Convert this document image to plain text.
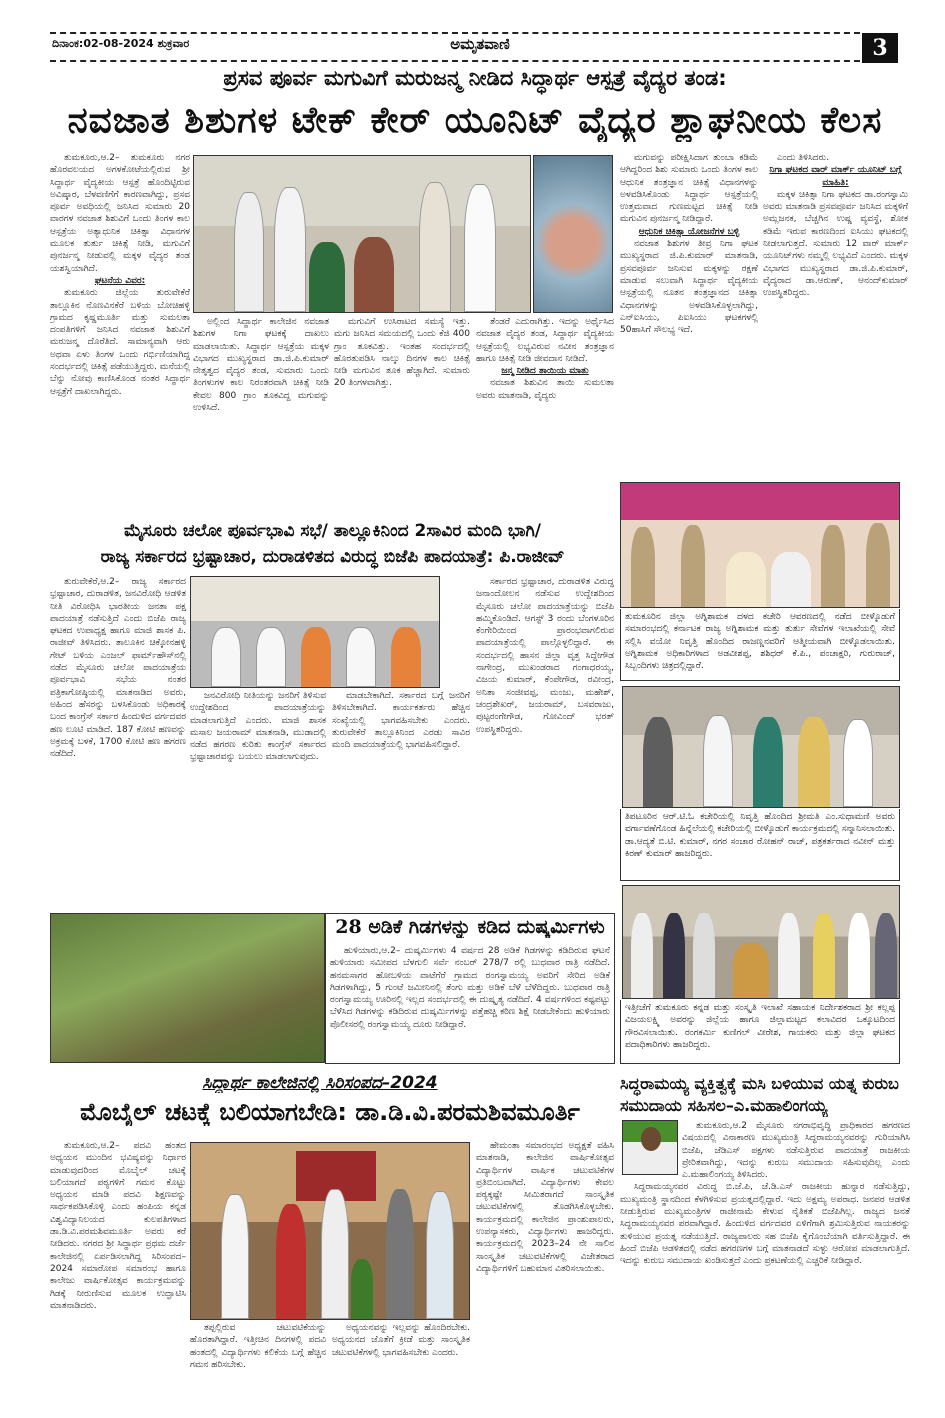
ದಿನಾಂಕ:02-08-2024 ಶುಕ್ರವಾರ	ಅಮೃತವಾಣಿ	3
ಪ್ರಸವ ಪೂರ್ವ ಮಗುವಿಗೆ ಮರುಜನ್ಮ ನೀಡಿದ ಸಿದ್ಧಾರ್ಥ ಆಸ್ಪತ್ರೆ ವೈದ್ಯರ ತಂಡ:
ನವಜಾತ ಶಿಶುಗಳ ಟೇಕ್ ಕೇರ್ ಯೂನಿಟ್ ವೈದ್ಯರ ಶ್ಲಾಘನೀಯ ಕೆಲಸ

ತುಮಕೂರು,ಆ.2– ತುಮಕೂರು ನಗರ ಹೊರವಲಯದ ಅಗಳಕೋಟೆಯಲ್ಲಿರುವ ಶ್ರೀ ಸಿದ್ಧಾರ್ಥ ವೈದ್ಯಕೀಯ ಆಸ್ಪತ್ರೆ ಹೊಂದಿಟ್ಟಿರುವ ಅವಿಷ್ಕಾರ, ಬೆಳವಣಿಗೆಗೆ ಕಾರಣವಾಗಿದ್ದು, ಪ್ರಸವ ಪೂರ್ವ ಅವಧಿಯಲ್ಲಿ ಜನಿಸಿದ ಸುಮಾರು 20 ವಾರಗಳ ನವಜಾತ ಶಿಶುವಿಗೆ ಒಂದು ತಿಂಗಳ ಕಾಲ ಆಸ್ಪತ್ರೆಯ ಅತ್ಯಾಧುನಿಕ ಚಿಕಿತ್ಸಾ ವಿಧಾನಗಳ ಮೂಲಕ ತುರ್ತು ಚಿಕಿತ್ಸೆ ನೀಡಿ, ಮಗುವಿಗೆ ಪುನರ್ಜನ್ಮ ನೀಡುವಲ್ಲಿ ಮಕ್ಕಳ ವೈದ್ಯರ ತಂಡ ಯಶಸ್ವಿಯಾಗಿದೆ.

ಘಟನೆಯ ವಿವರ:

ತುಮಕೂರು ಜಿಲ್ಲೆಯ ತುರುವೇಕೆರೆ ತಾಲ್ಲೂಕಿನ ನೊಣವಿನಕೆರೆ ಬಳಿಯ ಬೋಚಿಹಳ್ಳಿ ಗ್ರಾಮದ ಕೃಷ್ಣಮೂರ್ತಿ ಮತ್ತು ಸುಮಲತಾ ದಂಪತಿಗಳಿಗೆ ಜನಿಸಿದ ನವಜಾತ ಶಿಶುವಿಗೆ ಮರುಜನ್ಮ ದೊರೆತಿದೆ. ಸಾಮಾನ್ಯವಾಗಿ ಆರು ಅಥವಾ ಏಳು ತಿಂಗಳ ಒಂದು ಗರ್ಭಿಣಿಯಾಗಿದ್ದ ಸಂದರ್ಭದಲ್ಲಿ ಚಿಕಿತ್ಸೆ ಪಡೆಯುತ್ತಿದ್ದರು. ಮನೆಯಲ್ಲಿ ಬೆನ್ನು ನೋವು ಕಾಣಿಸಿಕೊಂಡ ನಂತರ ಸಿದ್ಧಾರ್ಥ ಆಸ್ಪತ್ರೆಗೆ ದಾಖಲಾಗಿದ್ದರು.

ಅಲ್ಲಿಂದ ಸಿದ್ಧಾರ್ಥ ಕಾಲೇಜಿನ ನವಜಾತ ಶಿಶುಗಳ ನಿಗಾ ಘಟಕಕ್ಕೆ ದಾಖಲು ಮಾಡಲಾಯಿತು. ಸಿದ್ಧಾರ್ಥ ಆಸ್ಪತ್ರೆಯ ಮಕ್ಕಳ ವಿಭಾಗದ ಮುಖ್ಯಸ್ಥರಾದ ಡಾ.ಜಿ.ಪಿ.ಕುಮಾರ್ ನೇತೃತ್ವದ ವೈದ್ಯರ ತಂಡ, ಸುಮಾರು ಒಂದು ತಿಂಗಳುಗಳ ಕಾಲ ನಿರಂತರವಾಗಿ ಚಿಕಿತ್ಸೆ ನೀಡಿ ಕೇವಲ 800 ಗ್ರಾಂ ತೂಕವಿದ್ದ ಮಗುವನ್ನು ಉಳಿಸಿದೆ.

ಮಗುವಿಗೆ ಉಸಿರಾಟದ ಸಮಸ್ಯೆ ಇತ್ತು. ಮಗು ಜನಿಸಿದ ಸಮಯದಲ್ಲಿ ಒಂದು ಕೆಜಿ 400 ಗ್ರಾಂ ತೂಕವಿತ್ತು. ಇಂತಹ ಸಂದರ್ಭದಲ್ಲಿ ಹೊರತುಪಡಿಸಿ ನಾಲ್ಕು ದಿನಗಳ ಕಾಲ ಚಿಕಿತ್ಸೆ ನೀಡಿ ಮಗುವಿನ ತೂಕ ಹೆಚ್ಚಾಗಿದೆ. ಸುಮಾರು 20 ತಿಂಗಳವಾಗಿತ್ತು.

ತೆಂಡರೆ ಎದುರಾಗಿತ್ತು. ಇದನ್ನು ಅರ್ಥೈಸಿದ ನವಜಾತ ವೈದ್ಯರ ತಂಡ, ಸಿದ್ಧಾರ್ಥ ವೈದ್ಯಕೀಯ ಆಸ್ಪತ್ರೆಯಲ್ಲಿ ಲಭ್ಯವಿರುವ ನವೀನ ತಂತ್ರಜ್ಞಾನ ಹಾಗೂ ಚಿಕಿತ್ಸೆ ನೀಡಿ ಜೀವದಾನ ನೀಡಿದೆ.

ಜನ್ಮ ನೀಡಿದ ತಾಯಿಯ ಮಾತು

ನವಜಾತ ಶಿಶುವಿನ ತಾಯಿ ಸುಮಲತಾ ಅವರು ಮಾತನಾಡಿ, ವೈದ್ಯರು

ಮಗುವನ್ನು ಪರೀಕ್ಷಿಸಿದಾಗ ತುಂಬಾ ಕಡಿಮೆ ಆಗಿದ್ದರಿಂದ ಶಿಶು ಸುಮಾರು ಒಂದು ತಿಂಗಳ ಕಾಲ ಆಧುನಿಕ ತಂತ್ರಜ್ಞಾನ ಚಿಕಿತ್ಸೆ ವಿಧಾನಗಳನ್ನು ಅಳವಡಿಸಿಕೊಂಡು ಸಿದ್ಧಾರ್ಥ ಆಸ್ಪತ್ರೆಯಲ್ಲಿ ಉತ್ತಮವಾದ ಗುಣಮಟ್ಟದ ಚಿಕಿತ್ಸೆ ನೀಡಿ ಮಗುವಿನ ಪುನರ್ಜನ್ಮ ನೀಡಿದ್ದಾರೆ.

ಆಧುನಿಕ ಚಿಕಿತ್ಸಾ ಯೋಜನೆಗಳ ಬಳ್ಳಿ

ನವಜಾತ ಶಿಶುಗಳ ತೀವ್ರ ನಿಗಾ ಘಟಕ ಮುಖ್ಯಸ್ಥರಾದ ಜಿ.ಪಿ.ಕುಮಾರ್ ಮಾತನಾಡಿ, ಪ್ರಸವಪೂರ್ವ ಜನಿಸುವ ಮಕ್ಕಳನ್ನು ರಕ್ಷಣೆ ಮಾಡುವ ಸಲುವಾಗಿ ಸಿದ್ಧಾರ್ಥ ವೈದ್ಯಕೀಯ ಆಸ್ಪತ್ರೆಯಲ್ಲಿ ನೂತನ ತಂತ್ರಜ್ಞಾನದ ಚಿಕಿತ್ಸಾ ವಿಧಾನಗಳನ್ನು ಅಳವಡಿಸಿಕೊಳ್ಳಲಾಗಿದ್ದು, ಎನ್‌ಐಸಿಯು, ಪಿಐಸಿಯು ಘಟಕಗಳಲ್ಲಿ 50ಹಾಸಿಗೆ ಸೌಲಭ್ಯ ಇದೆ.

ಎಂದು ತಿಳಿಸಿದರು.

ನಿಗಾ ಘಟಕದ ವಾರ್ ಮಾರ್ಕ್ ಯೂನಿಟ್ ಬಗ್ಗೆ ಮಾಹಿತಿ:

ಮಕ್ಕಳ ಚಿಕಿತ್ಸಾ ನಿಗಾ ಘಟಕದ ಡಾ.ರಂಗಸ್ವಾಮಿ ಅವರು ಮಾತನಾಡಿ ಪ್ರಸವಪೂರ್ವ ಜನಿಸಿದ ಮಕ್ಕಳಿಗೆ ಅಮ್ಲಜನಕ, ಬೆಚ್ಚಗಿನ ಉಷ್ಣ ವ್ಯವಸ್ಥೆ, ಶೋಕ ಕಡಿಮೆ ಇರುವ ಕಾರಣದಿಂದ ಐಸಿಯು ಘಟಕದಲ್ಲಿ ನೀಡಲಾಗುತ್ತದೆ. ಸುಮಾರು 12 ವಾರ್ ಮಾರ್ಕ್ ಯೂನಿಟ್‌ಗಳು ನಮ್ಮಲ್ಲಿ ಲಭ್ಯವಿದೆ ಎಂದರು. ಮಕ್ಕಳ ವಿಭಾಗದ ಮುಖ್ಯಸ್ಥರಾದ ಡಾ.ಜಿ.ಪಿ.ಕುಮಾರ್, ವೈದ್ಯರಾದ ಡಾ.ಆರುಣ್, ಆನಂದ್‌ಕುಮಾರ್ ಉಪಸ್ಥಿತರಿದ್ದರು.

ತುಮಕೂರಿನ ಜಿಲ್ಲಾ ಅಗ್ನಿಶಾಮಕ ದಳದ ಕಚೇರಿ ಆವರಣದಲ್ಲಿ ನಡೆದ ಬೀಳ್ಕೊಡುಗೆ ಸಮಾರಂಭದಲ್ಲಿ ಕರ್ನಾಟಕ ರಾಜ್ಯ ಅಗ್ನಿಶಾಮಕ ಮತ್ತು ತುರ್ತು ಸೇವೆಗಳ ಇಲಾಖೆಯಲ್ಲಿ ಸೇವೆ ಸಲ್ಲಿಸಿ ವಯೋ ನಿವೃತ್ತಿ ಹೊಂದಿದ ರಾಜಣ್ಣನವರಿಗೆ ಆತ್ಮೀಯವಾಗಿ ಬೀಳ್ಕೊಡಲಾಯಿತು. ಅಗ್ನಿಶಾಮಕ ಅಧಿಕಾರಿಗಳಾದ ಅಡವೀಶಪ್ಪ, ಶಶಿಧರ್ ಕೆ.ಪಿ., ಪಂಚಾಕ್ಷರಿ, ಗುರುರಾಜ್, ಸಿಬ್ಬಂದಿಗಳು ಚಿತ್ರದಲ್ಲಿದ್ದಾರೆ.
ತಿಪಟೂರಿನ ಆರ್.ಟಿ.ಓ ಕಚೇರಿಯಲ್ಲಿ ನಿವೃತ್ತಿ ಹೊಂದಿದ ಶ್ರೀಮತಿ ಎಂ.ಸುಧಾಮಣಿ ಅವರು ವರ್ಗಾವಣೆಗೊಂಡ ಹಿನ್ನೆಲೆಯಲ್ಲಿ ಕಚೇರಿಯಲ್ಲಿ ಬೀಳ್ಕೊಡುಗೆ ಕಾರ್ಯಕ್ರಮದಲ್ಲಿ ಸನ್ಮಾನಿಸಲಾಯಿತು. ಡಾ.ಆದ್ಯತೆ ಬಿ.ಟಿ. ಕುಮಾರ್, ನಗರ ಸಂಚಾರ ರೋಹನ್ ರಾಜ್, ಪತ್ರಕರ್ತರಾದ ನವೀನ್ ಮತ್ತು ಕಿರಣ್ ಕುಮಾರ್ ಹಾಜರಿದ್ದರು.
ಇತ್ತೀಚೆಗೆ ತುಮಕೂರು ಕನ್ನಡ ಮತ್ತು ಸಂಸ್ಕೃತಿ ಇಲಾಖೆ ಸಹಾಯಕ ನಿರ್ದೇಶಕರಾದ ಶ್ರೀ ಕಲ್ಲಪ್ಪ ವಿಜಯಲಕ್ಷ್ಮಿ ಅವರನ್ನು ಜಿಲ್ಲೆಯ ಹಾಗೂ ಜಿಲ್ಲಾಮಟ್ಟದ ಕಲಾವಿದರ ಒಕ್ಕೂಟದಿಂದ ಗೌರವಿಸಲಾಯಿತು. ರಂಗಕರ್ಮಿ ಕುಣಿಗಲ್ ವೀರೇಶ, ಗಾಯಕರು ಮತ್ತು ಜಿಲ್ಲಾ ಘಟಕದ ಪದಾಧಿಕಾರಿಗಳು ಹಾಜರಿದ್ದರು.
ಮೈಸೂರು ಚಲೋ ಪೂರ್ವಭಾವಿ ಸಭೆ/ ತಾಲ್ಲೂಕಿನಿಂದ 2ಸಾವಿರ ಮಂದಿ ಭಾಗಿ/
ರಾಜ್ಯ ಸರ್ಕಾರದ ಭ್ರಷ್ಟಾಚಾರ, ದುರಾಡಳಿತದ ವಿರುದ್ಧ ಬಿಜೆಪಿ ಪಾದಯಾತ್ರೆ: ಪಿ.ರಾಜೀವ್

ತುರುವೇಕೆರೆ,ಆ.2– ರಾಜ್ಯ ಸರ್ಕಾರದ ಭ್ರಷ್ಟಾಚಾರ, ದುರಾಡಳಿತ, ಜನವಿರೋಧಿ ಆಡಳಿತ ನೀತಿ ವಿರೋಧಿಸಿ ಭಾರತೀಯ ಜನತಾ ಪಕ್ಷ ಪಾದಯಾತ್ರೆ ನಡೆಸುತ್ತಿದೆ ಎಂದು ಬಿಜೆಪಿ ರಾಜ್ಯ ಘಟಕದ ಉಪಾಧ್ಯಕ್ಷ ಹಾಗೂ ಮಾಜಿ ಶಾಸಕ ಪಿ. ರಾಜೀವ್ ತಿಳಿಸಿದರು. ತಾಲೂಕಿನ ಚಿಕ್ಕೋನಹಳ್ಳಿ ಗೇಟ್ ಬಳಿಯ ಎಂಜಲ್ ಫಾರ್ಮ್‌ಹೌಸ್‌ನಲ್ಲಿ ನಡೆದ ಮೈಸೂರು ಚಲೋ ಪಾದಯಾತ್ರೆಯ ಪೂರ್ವಭಾವಿ ಸಭೆಯ ನಂತರ ಪತ್ರಿಕಾಗೋಷ್ಠಿಯಲ್ಲಿ ಮಾತನಾಡಿದ ಅವರು, ಅಹಿಂದ ಹೆಸರನ್ನು ಬಳಸಿಕೊಂಡು ಅಧಿಕಾರಕ್ಕೆ ಬಂದ ಕಾಂಗ್ರೆಸ್ ಸರ್ಕಾರ ಹಿಂದುಳಿದ ವರ್ಗದವರ ಹಣ ಲೂಟಿ ಮಾಡಿದೆ. 187 ಕೋಟಿ ಹಣವನ್ನು ಅಕ್ರಮಕ್ಕೆ ಬಳಕೆ, 1700 ಕೋಟಿ ಹಣ ಹಗರಣ ನಡೆದಿದೆ.

ಜನವಿರೋಧಿ ನೀತಿಯನ್ನು ಜನರಿಗೆ ತಿಳಿಸುವ ಉದ್ದೇಶದಿಂದ ಪಾದಯಾತ್ರೆಯನ್ನು ಮಾಡಲಾಗುತ್ತಿದೆ ಎಂದರು. ಮಾಜಿ ಶಾಸಕ ಮಸಾಲ ಜಯರಾಮ್ ಮಾತನಾಡಿ, ಮುಡಾದಲ್ಲಿ ನಡೆದ ಹಗರಣ ಕುರಿತು ಕಾಂಗ್ರೆಸ್ ಸರ್ಕಾರದ ಭ್ರಷ್ಟಾಚಾರವನ್ನು ಬಯಲು ಮಾಡಲಾಗುವುದು.

ಮಾಡಬೇಕಾಗಿದೆ. ಸರ್ಕಾರದ ಬಗ್ಗೆ ಜನರಿಗೆ ತಿಳಿಸಬೇಕಾಗಿದೆ. ಕಾರ್ಯಕರ್ತರು ಹೆಚ್ಚಿನ ಸಂಖ್ಯೆಯಲ್ಲಿ ಭಾಗವಹಿಸಬೇಕು ಎಂದರು. ತುರುವೇಕೆರೆ ತಾಲ್ಲೂಕಿನಿಂದ ಎರಡು ಸಾವಿರ ಮಂದಿ ಪಾದಯಾತ್ರೆಯಲ್ಲಿ ಭಾಗವಹಿಸಲಿದ್ದಾರೆ.

ಸರ್ಕಾರದ ಭ್ರಷ್ಟಾಚಾರ, ದುರಾಡಳಿತ ವಿರುದ್ಧ ಜನಾಂದೋಲನ ನಡೆಸುವ ಉದ್ದೇಶದಿಂದ ಮೈಸೂರು ಚಲೋ ಪಾದಯಾತ್ರೆಯನ್ನು ಬಿಜೆಪಿ ಹಮ್ಮಿಕೊಂಡಿದೆ. ಆಗಸ್ಟ್ 3 ರಂದು ಬೆಂಗಳೂರಿನ ಕೆಂಗೇರಿಯಿಂದ ಪ್ರಾರಂಭವಾಗಲಿರುವ ಪಾದಯಾತ್ರೆಯಲ್ಲಿ ಪಾಲ್ಗೊಳ್ಳಲಿದ್ದಾರೆ. ಈ ಸಂದರ್ಭದಲ್ಲಿ ಹಾಸನ ಜಿಲ್ಲಾ ವೃತ್ತ ಸಿದ್ದೇಗೌಡ ನಾಗೇಂದ್ರ, ಮುಖಂಡರಾದ ಗಂಗಾಧರಯ್ಯ, ವಿಜಯ ಕುಮಾರ್, ಕೆಂಪೇಗೌಡ, ರವೀಂದ್ರ, ಅನಿತಾ ಸಂಜೀವಪ್ಪ, ಮಂಜು, ಮಹೇಶ್, ಚಂದ್ರಶೇಖರ್, ಜಯರಾಮ್, ಬಸವರಾಜು, ಪುಟ್ಟರಂಗೇಗೌಡ, ಗೋವಿಂದ್ ಭರತ್ ಉಪಸ್ಥಿತರಿದ್ದರು.

28 ಅಡಿಕೆ ಗಿಡಗಳನ್ನು ಕಡಿದ ದುಷ್ಕರ್ಮಿಗಳು

ಹುಳಿಯಾರು,ಆ.2– ದುಷ್ಕರ್ಮಿಗಳು 4 ವರ್ಷದ 28 ಅಡಿಕೆ ಗಿಡಗಳನ್ನು ಕಡಿದಿರುವ ಘಟನೆ ಹುಳಿಯಾರು ಸಮೀಪದ ಬೆಳಗುಲಿ ಸರ್ವೆ ನಂಬರ್ 278/7 ರಲ್ಲಿ ಬುಧವಾರ ರಾತ್ರಿ ನಡೆದಿದೆ. ಹನಮಸಾಗರ ಹೋಬಳಿಯ ವಾಟೆಗೆರೆ ಗ್ರಾಮದ ರಂಗಸ್ವಾಮಯ್ಯ ಅವರಿಗೆ ಸೇರಿದ ಅಡಿಕೆ ಗಿಡಗಳಾಗಿದ್ದು, 5 ಗುಂಟೆ ಜಮೀನಿನಲ್ಲಿ ತೆಂಗು ಮತ್ತು ಅಡಿಕೆ ಬೆಳೆ ಬೆಳೆದಿದ್ದರು. ಬುಧವಾರ ರಾತ್ರಿ ರಂಗಸ್ವಾಮಯ್ಯ ಊರಿನಲ್ಲಿ ಇಲ್ಲದ ಸಂದರ್ಭದಲ್ಲಿ ಈ ದುಷ್ಕೃತ್ಯ ನಡೆದಿದೆ. 4 ವರ್ಷಗಳಿಂದ ಕಷ್ಟಪಟ್ಟು ಬೆಳೆಸಿದ ಗಿಡಗಳನ್ನು ಕಡಿದಿರುವ ದುಷ್ಕರ್ಮಿಗಳನ್ನು ಪತ್ತೆಹಚ್ಚಿ ಕಠಿಣ ಶಿಕ್ಷೆ ನೀಡಬೇಕೆಂದು ಹುಳಿಯಾರು ಪೊಲೀಸರಲ್ಲಿ ರಂಗಸ್ವಾಮಯ್ಯ ದೂರು ನೀಡಿದ್ದಾರೆ.

ಸಿದ್ಧಾರ್ಥ ಕಾಲೇಜಿನಲ್ಲಿ ಸಿರಿಸಂಪದ–2024
ಮೊಬೈಲ್ ಚಟಕ್ಕೆ ಬಲಿಯಾಗಬೇಡಿ: ಡಾ.ಡಿ.ವಿ.ಪರಮಶಿವಮೂರ್ತಿ

ತುಮಕೂರು,ಆ.2– ಪದವಿ ಹಂತದ ಅಧ್ಯಯನ ಮುಂದಿನ ಭವಿಷ್ಯವನ್ನು ನಿರ್ಧಾರ ಮಾಡುವುದರಿಂದ ಮೊಬೈಲ್ ಚಟಕ್ಕೆ ಬಲಿಯಾಗದೆ ಪಠ್ಯಗಳಿಗೆ ಗಮನ ಕೊಟ್ಟು ಅಧ್ಯಯನ ಮಾಡಿ ಪದವಿ ಶಿಕ್ಷಣವನ್ನು ಸಾರ್ಥಕಪಡಿಸಿಕೊಳ್ಳಿ ಎಂದು ಹಂಪಿಯ ಕನ್ನಡ ವಿಶ್ವವಿದ್ಯಾನಿಲಯದ ಕುಲಪತಿಗಳಾದ ಡಾ.ಡಿ.ವಿ.ಪರಮಶಿವಮೂರ್ತಿ ಅವರು ಕರೆ ನೀಡಿದರು. ನಗರದ ಶ್ರೀ ಸಿದ್ಧಾರ್ಥ ಪ್ರಥಮ ದರ್ಜೆ ಕಾಲೇಜಿನಲ್ಲಿ ಏರ್ಪಡಿಸಲಾಗಿದ್ದ ಸಿರಿಸಂಪದ–2024 ಸಮಾರೋಪ ಸಮಾರಂಭ ಹಾಗೂ ಕಾಲೇಜು ವಾರ್ಷಿಕೋತ್ಸವ ಕಾರ್ಯಕ್ರಮವನ್ನು ಗಿಡಕ್ಕೆ ನೀರುಣಿಸುವ ಮೂಲಕ ಉದ್ಘಾಟಿಸಿ ಮಾತನಾಡಿದರು.

ತಪ್ಪಲ್ಲಿರುವ ಚಟುವಟಿಕೆಯನ್ನು ಹೊರತಾಗಿದ್ದಾರೆ. ಇತ್ತೀಚಿನ ದಿನಗಳಲ್ಲಿ ಪದವಿ ಹಂತದಲ್ಲಿ ವಿದ್ಯಾರ್ಥಿಗಳು ಕಲಿಕೆಯ ಬಗ್ಗೆ ಹೆಚ್ಚಿನ ಗಮನ ಹರಿಸಬೇಕು.

ಅಧ್ಯಯನವನ್ನು ಇಲ್ಲವನ್ನು ಹೊಂದಿರಬೇಕು. ಅಧ್ಯಯನದ ಜೊತೆಗೆ ಕ್ರೀಡೆ ಮತ್ತು ಸಾಂಸ್ಕೃತಿಕ ಚಟುವಟಿಕೆಗಳಲ್ಲಿ ಭಾಗವಹಿಸಬೇಕು ಎಂದರು.

ಹೇಮಂತಾ ಸಮಾರಂಭದ ಅಧ್ಯಕ್ಷತೆ ವಹಿಸಿ ಮಾತನಾಡಿ, ಕಾಲೇಜಿನ ವಾರ್ಷಿಕೋತ್ಸವ ವಿದ್ಯಾರ್ಥಿಗಳ ವಾರ್ಷಿಕ ಚಟುವಟಿಕೆಗಳ ಪ್ರತಿಬಿಂಬವಾಗಿದೆ. ವಿದ್ಯಾರ್ಥಿಗಳು ಕೇವಲ ಪಠ್ಯಕ್ಕಷ್ಟೇ ಸೀಮಿತರಾಗದೆ ಸಾಂಸ್ಕೃತಿಕ ಚಟುವಟಿಕೆಗಳಲ್ಲಿ ತೊಡಗಿಸಿಕೊಳ್ಳಬೇಕು. ಕಾರ್ಯಕ್ರಮದಲ್ಲಿ ಕಾಲೇಜಿನ ಪ್ರಾಂಶುಪಾಲರು, ಉಪನ್ಯಾಸಕರು, ವಿದ್ಯಾರ್ಥಿಗಳು ಹಾಜರಿದ್ದರು. ಕಾರ್ಯಕ್ರಮದಲ್ಲಿ 2023–24 ನೇ ಸಾಲಿನ ಸಾಂಸ್ಕೃತಿಕ ಚಟುವಟಿಕೆಗಳಲ್ಲಿ ವಿಜೇತರಾದ ವಿದ್ಯಾರ್ಥಿಗಳಿಗೆ ಬಹುಮಾನ ವಿತರಿಸಲಾಯಿತು.

ಸಿದ್ಧರಾಮಯ್ಯ ವ್ಯಕ್ತಿತ್ವಕ್ಕೆ ಮಸಿ ಬಳಿಯುವ ಯತ್ನ ಕುರುಬ ಸಮುದಾಯ ಸಹಿಸಲ–ಎ.ಮಹಾಲಿಂಗಯ್ಯ

ತುಮಕೂರು,ಆ.2 ಮೈಸೂರು ನಗರಾಭಿವೃದ್ಧಿ ಪ್ರಾಧಿಕಾರದ ಹಗರಣದ ವಿಷಯದಲ್ಲಿ ವಿನಾಕಾರಣ ಮುಖ್ಯಮಂತ್ರಿ ಸಿದ್ಧರಾಮಯ್ಯನವರನ್ನು ಗುರಿಯಾಗಿಸಿ ಬಿಜೆಪಿ, ಜೆಡಿಎಸ್ ಪಕ್ಷಗಳು ನಡೆಸುತ್ತಿರುವ ಪಾದಯಾತ್ರೆ ರಾಜಕೀಯ ಪ್ರೇರಿತವಾಗಿದ್ದು, ಇದನ್ನು ಕುರುಬ ಸಮುದಾಯ ಸಹಿಸುವುದಿಲ್ಲ ಎಂದು ಎ.ಮಹಾಲಿಂಗಯ್ಯ ತಿಳಿಸಿದರು.

ಸಿದ್ಧರಾಮಯ್ಯನವರ ವಿರುದ್ಧ ಬಿ.ಜೆ.ಪಿ, ಜೆ.ಡಿ.ಎಸ್ ರಾಜಕೀಯ ಹುನ್ನಾರ ನಡೆಸುತ್ತಿದ್ದು, ಮುಖ್ಯಮಂತ್ರಿ ಸ್ಥಾನದಿಂದ ಕೆಳಗಿಳಿಸುವ ಪ್ರಯತ್ನದಲ್ಲಿದ್ದಾರೆ. ಇದು ಅಕ್ಷಮ್ಯ ಅಪರಾಧ. ಜನಪರ ಆಡಳಿತ ನೀಡುತ್ತಿರುವ ಮುಖ್ಯಮಂತ್ರಿಗಳ ರಾಜೀನಾಮೆ ಕೇಳುವ ನೈತಿಕತೆ ಬಿಜೆಪಿಗಿಲ್ಲ. ರಾಜ್ಯದ ಜನತೆ ಸಿದ್ಧರಾಮಯ್ಯನವರ ಪರವಾಗಿದ್ದಾರೆ. ಹಿಂದುಳಿದ ವರ್ಗದವರ ಏಳಿಗೆಗಾಗಿ ಶ್ರಮಿಸುತ್ತಿರುವ ನಾಯಕರನ್ನು ತುಳಿಯುವ ಪ್ರಯತ್ನ ನಡೆಯುತ್ತಿದೆ. ರಾಜ್ಯಪಾಲರು ಸಹ ಬಿಜೆಪಿ ಕೈಗೊಂಬೆಯಾಗಿ ವರ್ತಿಸುತ್ತಿದ್ದಾರೆ. ಈ ಹಿಂದೆ ಬಿಜೆಪಿ ಆಡಳಿತದಲ್ಲಿ ನಡೆದ ಹಗರಣಗಳ ಬಗ್ಗೆ ಮಾತನಾಡದೆ ಸುಳ್ಳು ಆರೋಪ ಮಾಡಲಾಗುತ್ತಿದೆ. ಇದನ್ನು ಕುರುಬ ಸಮುದಾಯ ಖಂಡಿಸುತ್ತದೆ ಎಂದು ಪ್ರಕಟಣೆಯಲ್ಲಿ ಎಚ್ಚರಿಕೆ ನೀಡಿದ್ದಾರೆ.
